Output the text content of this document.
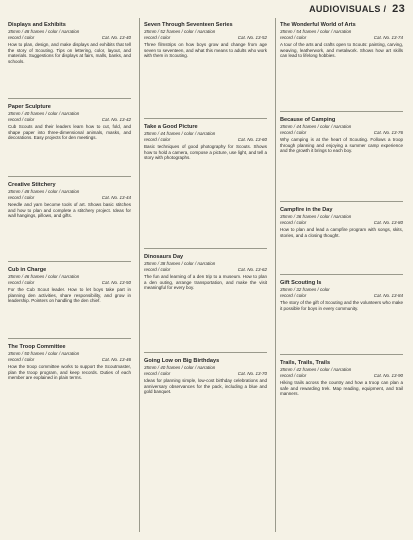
AUDIOVISUALS / 23
Displays and Exhibits
35mm / 48 frames / color / narration
record / color	Cat. No. 13-40
How to plan, design, and make displays and exhibits that tell the story of Scouting. Tips on lettering, color, layout, and materials. Suggestions for displays at fairs, malls, banks, and schools.
Paper Sculpture
35mm / 40 frames / color / narration
record / color	Cat. No. 13-42
Cub Scouts and their leaders learn how to cut, fold, and shape paper into three-dimensional animals, masks, and decorations. Easy projects for den meetings.
Creative Stitchery
35mm / 48 frames / color / narration
record / color	Cat. No. 13-44
Needle and yarn become tools of art. Shows basic stitches and how to plan and complete a stitchery project. Ideas for wall hangings, pillows, and gifts.
Cub in Charge
35mm / 46 frames / color / narration
record / color	Cat. No. 13-50
For the Cub Scout leader. How to let boys take part in planning den activities, share responsibility, and grow in leadership. Pointers on handling the den chief.
The Troop Committee
35mm / 50 frames / color / narration
record / color	Cat. No. 13-46
How the troop committee works to support the Scoutmaster, plan the troop program, and keep records. Duties of each member are explained in plain terms.
Seven Through Seventeen Series
35mm / 52 frames / color / narration
record / color	Cat. No. 13-52
Three filmstrips on how boys grow and change from age seven to seventeen, and what this means to adults who work with them in Scouting.
Take a Good Picture
35mm / 44 frames / color / narration
record / color	Cat. No. 13-60
Basic techniques of good photography for Scouts. Shows how to hold a camera, compose a picture, use light, and tell a story with photographs.
Dinosaurs Day
35mm / 38 frames / color / narration
record / color	Cat. No. 13-62
The fun and learning of a den trip to a museum. How to plan a den outing, arrange transportation, and make the visit meaningful for every boy.
Going Low on Big Birthdays
35mm / 40 frames / color / narration
record / color	Cat. No. 13-70
Ideas for planning simple, low-cost birthday celebrations and anniversary observances for the pack, including a blue and gold banquet.
The Wonderful World of Arts
35mm / 54 frames / color / narration
record / color	Cat. No. 13-74
A tour of the arts and crafts open to Scouts: painting, carving, weaving, leatherwork, and metalwork. Shows how art skills can lead to lifelong hobbies.
Because of Camping
35mm / 44 frames / color / narration
record / color	Cat. No. 13-76
Why camping is at the heart of Scouting. Follows a troop through planning and enjoying a summer camp experience and the growth it brings to each boy.
Campfire in the Day
35mm / 36 frames / color / narration
record / color	Cat. No. 13-80
How to plan and lead a campfire program with songs, skits, stories, and a closing thought.
Gift Scouting Is
35mm / 32 frames / color
record / color	Cat. No. 13-84
The story of the gift of Scouting and the volunteers who make it possible for boys in every community.
Trails, Trails, Trails
35mm / 42 frames / color / narration
record / color	Cat. No. 13-90
Hiking trails across the country and how a troop can plan a safe and rewarding trek. Map reading, equipment, and trail manners.
